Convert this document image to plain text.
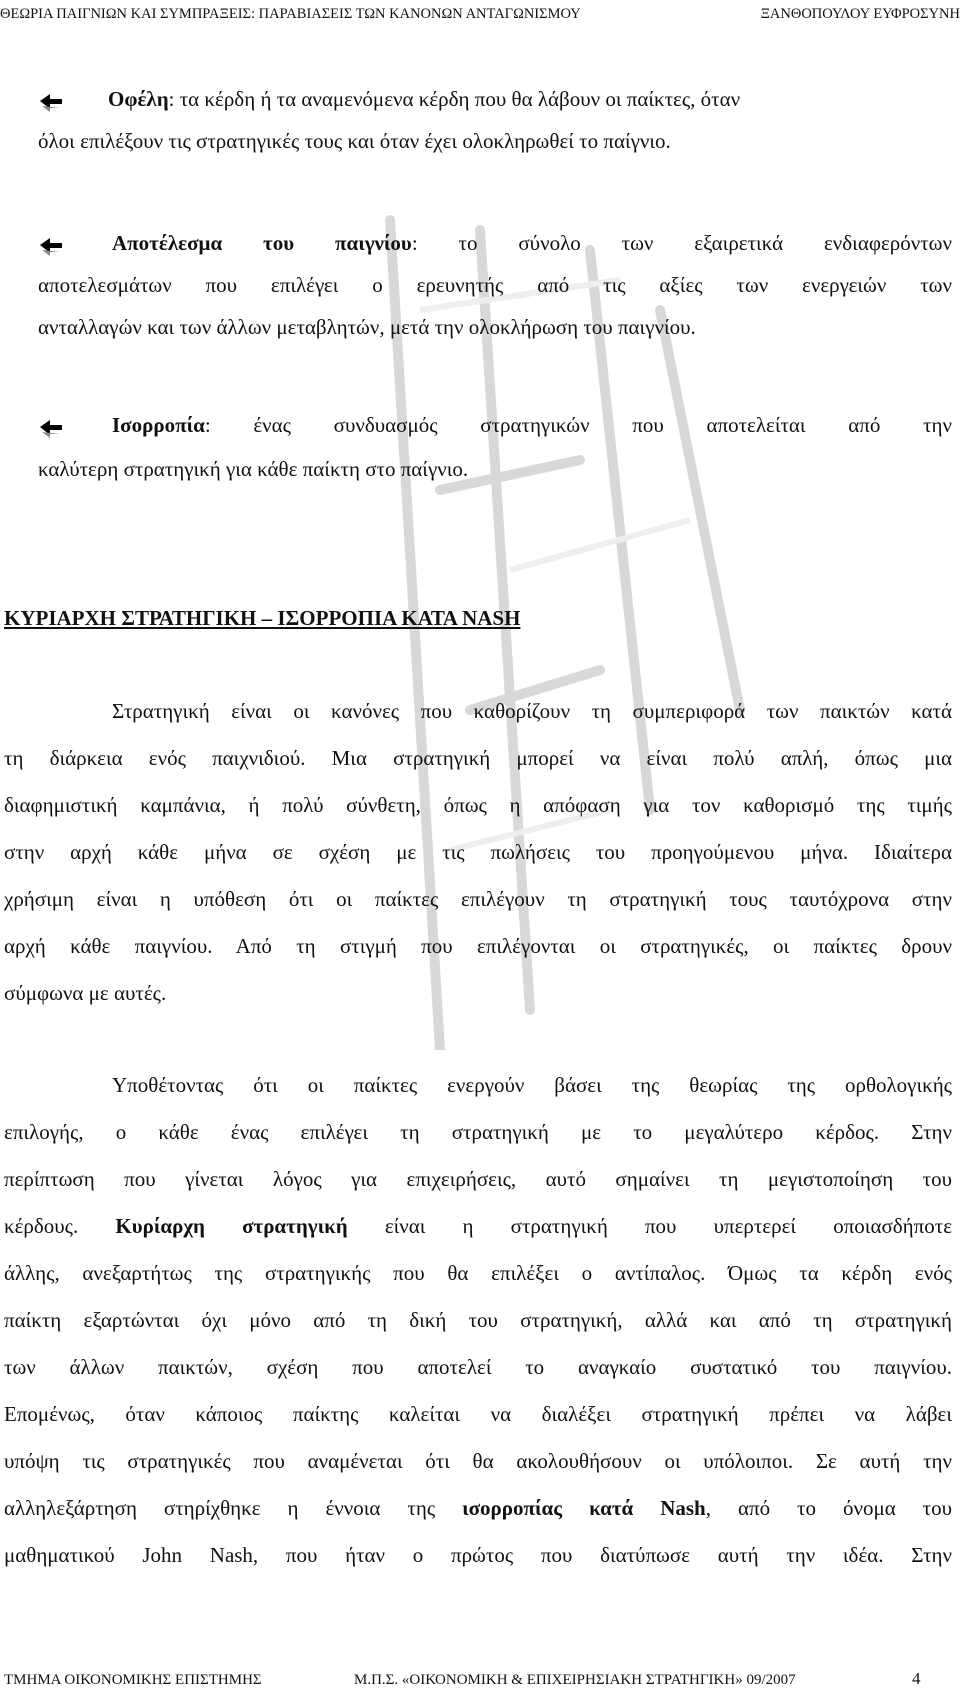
ΘΕΩΡΙΑ ΠΑΙΓΝΙΩΝ ΚΑΙ ΣΥΜΠΡΑΞΕΙΣ: ΠΑΡΑΒΙΑΣΕΙΣ ΤΩΝ ΚΑΝΟΝΩΝ ΑΝΤΑΓΩΝΙΣΜΟΥ	ΞΑΝΘΟΠΟΥΛΟΥ ΕΥΦΡΟΣΥΝΗ
Οφέλη: τα κέρδη ή τα αναμενόμενα κέρδη που θα λάβουν οι παίκτες, όταν
όλοι επιλέξουν τις στρατηγικές τους και όταν έχει ολοκληρωθεί το παίγνιο.
Αποτέλεσμα του παιγνίου: το σύνολο των εξαιρετικά ενδιαφερόντων
αποτελεσμάτων που επιλέγει ο ερευνητής από τις αξίες των ενεργειών των
ανταλλαγών και των άλλων μεταβλητών, μετά την ολοκλήρωση του παιγνίου.
Ισορροπία: ένας συνδυασμός στρατηγικών που αποτελείται από την
καλύτερη στρατηγική για κάθε παίκτη στο παίγνιο.
ΚΥΡΙΑΡΧΗ ΣΤΡΑΤΗΓΙΚΗ – ΙΣΟΡΡΟΠΙΑ ΚΑΤΑ NASH
Στρατηγική είναι οι κανόνες που καθορίζουν τη συμπεριφορά των παικτών κατά
τη διάρκεια ενός παιχνιδιού. Μια στρατηγική μπορεί να είναι πολύ απλή, όπως μια
διαφημιστική καμπάνια, ή πολύ σύνθετη, όπως η απόφαση για τον καθορισμό της τιμής
στην αρχή κάθε μήνα σε σχέση με τις πωλήσεις του προηγούμενου μήνα. Ιδιαίτερα
χρήσιμη είναι η υπόθεση ότι οι παίκτες επιλέγουν τη στρατηγική τους ταυτόχρονα στην
αρχή κάθε παιγνίου. Από τη στιγμή που επιλέγονται οι στρατηγικές, οι παίκτες δρουν
σύμφωνα με αυτές.
Υποθέτοντας ότι οι παίκτες ενεργούν βάσει της θεωρίας της ορθολογικής
επιλογής, ο κάθε ένας επιλέγει τη στρατηγική με το μεγαλύτερο κέρδος. Στην
περίπτωση που γίνεται λόγος για επιχειρήσεις, αυτό σημαίνει τη μεγιστοποίηση του
κέρδους. Κυρίαρχη στρατηγική είναι η στρατηγική που υπερτερεί οποιασδήποτε
άλλης, ανεξαρτήτως της στρατηγικής που θα επιλέξει ο αντίπαλος. Όμως τα κέρδη ενός
παίκτη εξαρτώνται όχι μόνο από τη δική του στρατηγική, αλλά και από τη στρατηγική
των άλλων παικτών, σχέση που αποτελεί το αναγκαίο συστατικό του παιγνίου.
Επομένως, όταν κάποιος παίκτης καλείται να διαλέξει στρατηγική πρέπει να λάβει
υπόψη τις στρατηγικές που αναμένεται ότι θα ακολουθήσουν οι υπόλοιποι. Σε αυτή την
αλληλεξάρτηση στηρίχθηκε η έννοια της ισορροπίας κατά Nash, από το όνομα του
μαθηματικού John Nash, που ήταν ο πρώτος που διατύπωσε αυτή την ιδέα. Στην
ΤΜΗΜΑ ΟΙΚΟΝΟΜΙΚΗΣ ΕΠΙΣΤΗΜΗΣ	Μ.Π.Σ. «ΟΙΚΟΝΟΜΙΚΗ & ΕΠΙΧΕΙΡΗΣΙΑΚΗ ΣΤΡΑΤΗΓΙΚΗ» 09/2007	4
